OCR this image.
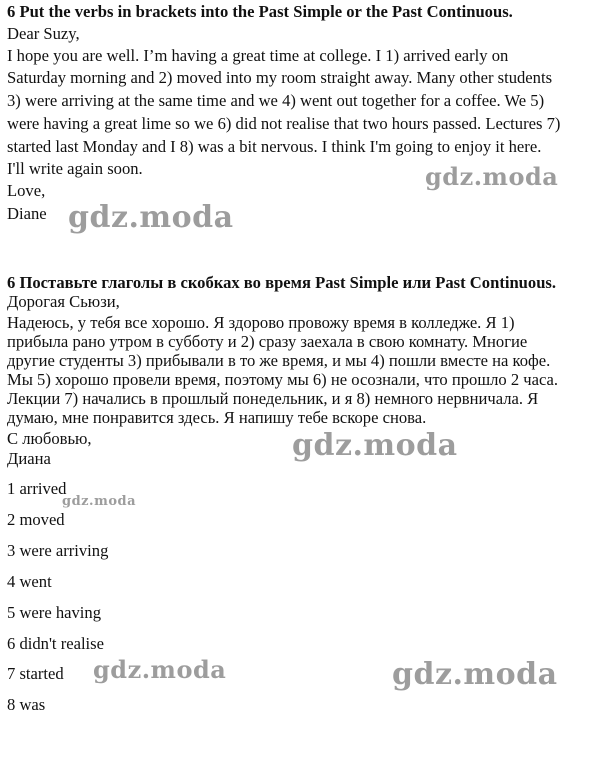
6 Put the verbs in brackets into the Past Simple or the Past Continuous.
Dear Suzy,
I hope you are well. I’m having a great time at college. I 1) arrived early on
Saturday morning and 2) moved into my room straight away. Many other students
3) were arriving at the same time and we 4) went out together for a coffee. We 5)
were having a great lime so we 6) did not realise that two hours passed. Lectures 7)
started last Monday and I 8) was a bit nervous. I think I'm going to enjoy it here.
I'll write again soon.
Love,
Diane
6 Поставьте глаголы в скобках во время Past Simple или Past Continuous.
Дорогая Сьюзи,
Надеюсь, у тебя все хорошо. Я здорово провожу время в колледже. Я 1)
прибыла рано утром в субботу и 2) сразу заехала в свою комнату. Многие
другие студенты 3) прибывали в то же время, и мы 4) пошли вместе на кофе.
Мы 5) хорошо провели время, поэтому мы 6) не осознали, что прошло 2 часа.
Лекции 7) начались в прошлый понедельник, и я 8) немного нервничала. Я
думаю, мне понравится здесь. Я напишу тебе вскоре снова.
С любовью,
Диана
1 arrived
2 moved
3 were arriving
4 went
5 were having
6 didn't realise
7 started
8 was
gdz.moda
gdz.moda
gdz.moda
gdz.moda
gdz.moda	gdz.moda
